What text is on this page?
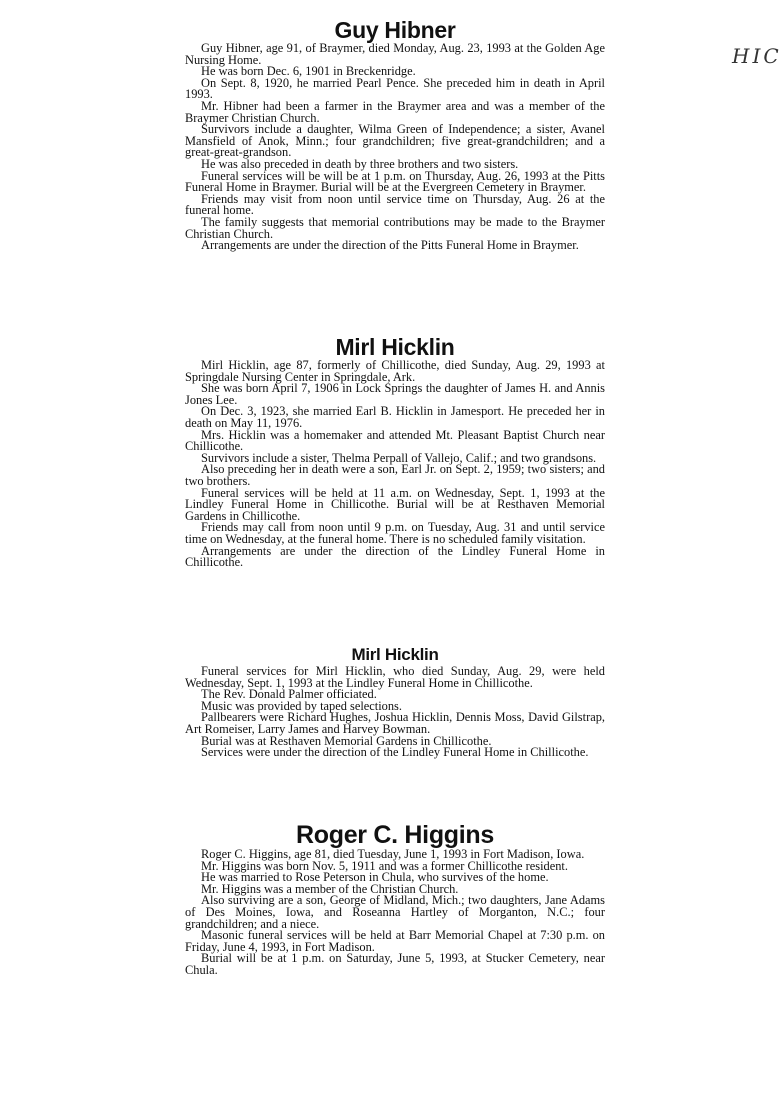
HIC
Guy Hibner

Guy Hibner, age 91, of Braymer, died Monday, Aug. 23, 1993 at the Golden Age Nursing Home.

He was born Dec. 6, 1901 in Breckenridge.

On Sept. 8, 1920, he married Pearl Pence. She preceded him in death in April 1993.

Mr. Hibner had been a farmer in the Braymer area and was a member of the Braymer Christian Church.

Survivors include a daughter, Wilma Green of Independence; a sister, Avanel Mansfield of Anok, Minn.; four grandchildren; five great-grandchildren; and a great-great-grandson.

He was also preceded in death by three brothers and two sisters.

Funeral services will be will be at 1 p.m. on Thursday, Aug. 26, 1993 at the Pitts Funeral Home in Braymer. Burial will be at the Evergreen Cemetery in Braymer.

Friends may visit from noon until service time on Thursday, Aug. 26 at the funeral home.

The family suggests that memorial contributions may be made to the Braymer Christian Church.

Arrangements are under the direction of the Pitts Funeral Home in Braymer.

Mirl Hicklin

Mirl Hicklin, age 87, formerly of Chillicothe, died Sunday, Aug. 29, 1993 at Springdale Nursing Center in Springdale, Ark.

She was born April 7, 1906 in Lock Springs the daughter of James H. and Annis Jones Lee.

On Dec. 3, 1923, she married Earl B. Hicklin in Jamesport. He preceded her in death on May 11, 1976.

Mrs. Hicklin was a homemaker and attended Mt. Pleasant Baptist Church near Chillicothe.

Survivors include a sister, Thelma Perpall of Vallejo, Calif.; and two grandsons.

Also preceding her in death were a son, Earl Jr. on Sept. 2, 1959; two sisters; and two brothers.

Funeral services will be held at 11 a.m. on Wednesday, Sept. 1, 1993 at the Lindley Funeral Home in Chillicothe. Burial will be at Resthaven Memorial Gardens in Chillicothe.

Friends may call from noon until 9 p.m. on Tuesday, Aug. 31 and until service time on Wednesday, at the funeral home. There is no scheduled family visitation.

Arrangements are under the direction of the Lindley Funeral Home in Chillicothe.

Mirl Hicklin

Funeral services for Mirl Hicklin, who died Sunday, Aug. 29, were held Wednesday, Sept. 1, 1993 at the Lindley Funeral Home in Chillicothe.

The Rev. Donald Palmer officiated.

Music was provided by taped selections.

Pallbearers were Richard Hughes, Joshua Hicklin, Dennis Moss, David Gilstrap, Art Romeiser, Larry James and Harvey Bowman.

Burial was at Resthaven Memorial Gardens in Chillicothe.

Services were under the direction of the Lindley Funeral Home in Chillicothe.

Roger C. Higgins

Roger C. Higgins, age 81, died Tuesday, June 1, 1993 in Fort Madison, Iowa.

Mr. Higgins was born Nov. 5, 1911 and was a former Chillicothe resident.

He was married to Rose Peterson in Chula, who survives of the home.

Mr. Higgins was a member of the Christian Church.

Also surviving are a son, George of Midland, Mich.; two daughters, Jane Adams of Des Moines, Iowa, and Roseanna Hartley of Morganton, N.C.; four grandchildren; and a niece.

Masonic funeral services will be held at Barr Memorial Chapel at 7:30 p.m. on Friday, June 4, 1993, in Fort Madison.

Burial will be at 1 p.m. on Saturday, June 5, 1993, at Stucker Cemetery, near Chula.
